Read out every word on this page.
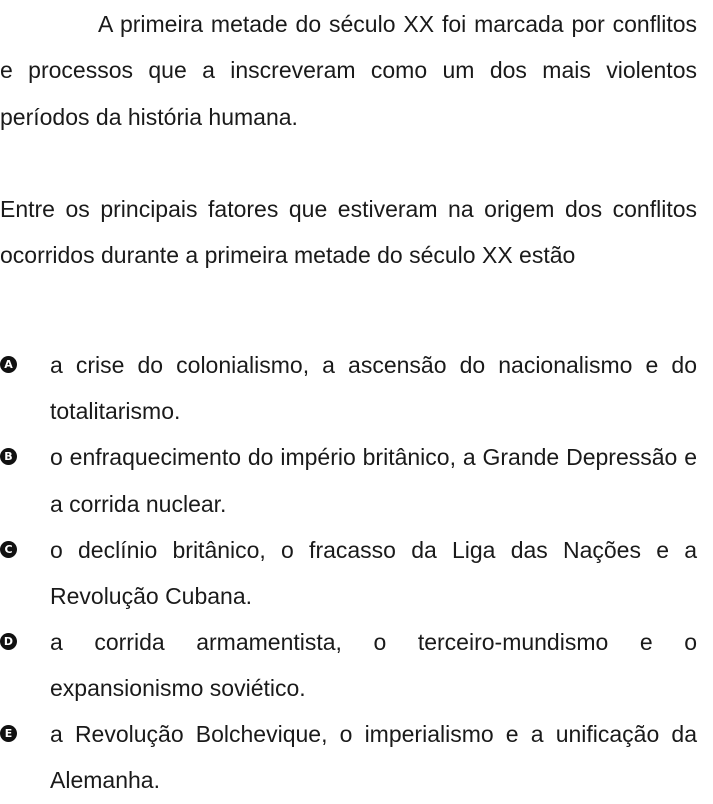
A primeira metade do século XX foi marcada por conflitos e processos que a inscreveram como um dos mais violentos períodos da história humana.

Entre os principais fatores que estiveram na origem dos conflitos ocorridos durante a primeira metade do século XX estão

A a crise do colonialismo, a ascensão do nacionalismo e do totalitarismo.
B o enfraquecimento do império britânico, a Grande Depressão e a corrida nuclear.
C o declínio britânico, o fracasso da Liga das Nações e a Revolução Cubana.
D a corrida armamentista, o terceiro-mundismo e o expansionismo soviético.
E a Revolução Bolchevique, o imperialismo e a unificação da Alemanha.
